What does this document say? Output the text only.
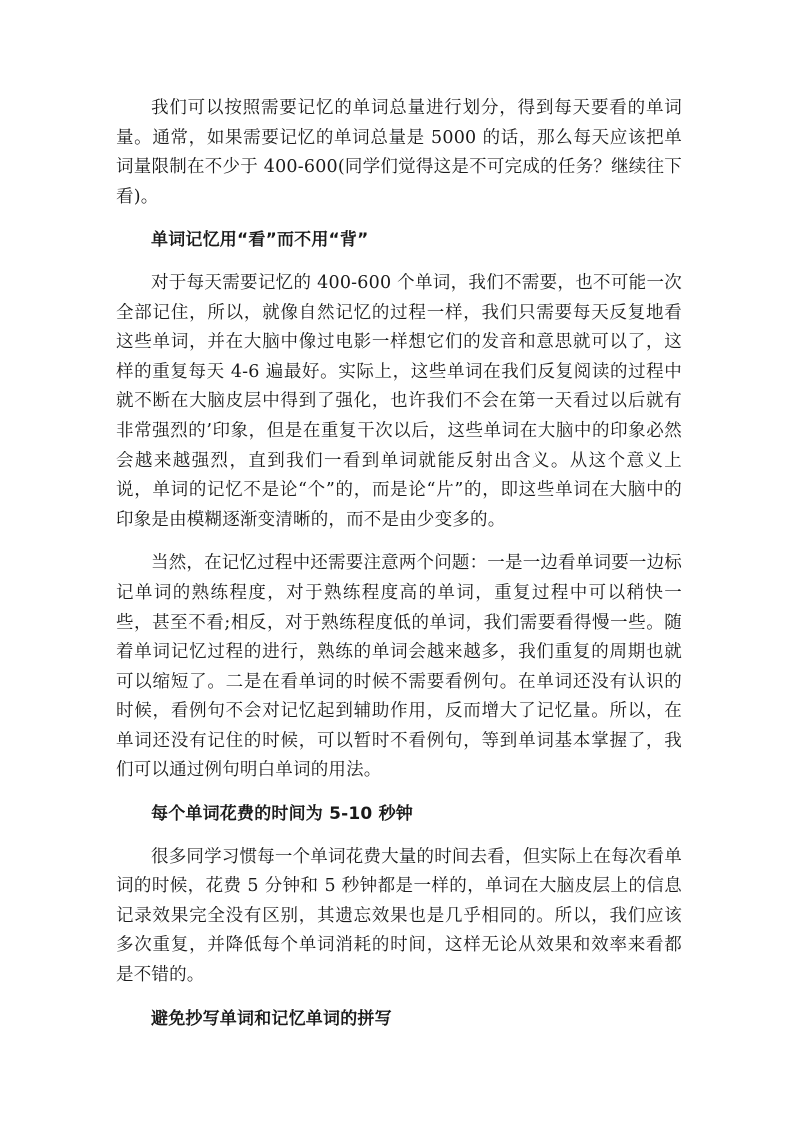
我们可以按照需要记忆的单词总量进行划分，得到每天要看的单词量。通常，如果需要记忆的单词总量是 5000 的话，那么每天应该把单词量限制在不少于 400-600(同学们觉得这是不可完成的任务？继续往下看)。

单词记忆用“看”而不用“背”

对于每天需要记忆的 400-600 个单词，我们不需要，也不可能一次全部记住，所以，就像自然记忆的过程一样，我们只需要每天反复地看这些单词，并在大脑中像过电影一样想它们的发音和意思就可以了，这样的重复每天 4-6 遍最好。实际上，这些单词在我们反复阅读的过程中就不断在大脑皮层中得到了强化，也许我们不会在第一天看过以后就有非常强烈的’印象，但是在重复干次以后，这些单词在大脑中的印象必然会越来越强烈，直到我们一看到单词就能反射出含义。从这个意义上说，单词的记忆不是论“个”的，而是论“片”的，即这些单词在大脑中的印象是由模糊逐渐变清晰的，而不是由少变多的。

当然，在记忆过程中还需要注意两个问题：一是一边看单词要一边标记单词的熟练程度，对于熟练程度高的单词，重复过程中可以稍快一些，甚至不看;相反，对于熟练程度低的单词，我们需要看得慢一些。随着单词记忆过程的进行，熟练的单词会越来越多，我们重复的周期也就可以缩短了。二是在看单词的时候不需要看例句。在单词还没有认识的时候，看例句不会对记忆起到辅助作用，反而增大了记忆量。所以，在单词还没有记住的时候，可以暂时不看例句，等到单词基本掌握了，我们可以通过例句明白单词的用法。

每个单词花费的时间为 5-10 秒钟

很多同学习惯每一个单词花费大量的时间去看，但实际上在每次看单词的时候，花费 5 分钟和 5 秒钟都是一样的，单词在大脑皮层上的信息记录效果完全没有区别，其遗忘效果也是几乎相同的。所以，我们应该多次重复，并降低每个单词消耗的时间，这样无论从效果和效率来看都是不错的。

避免抄写单词和记忆单词的拼写
